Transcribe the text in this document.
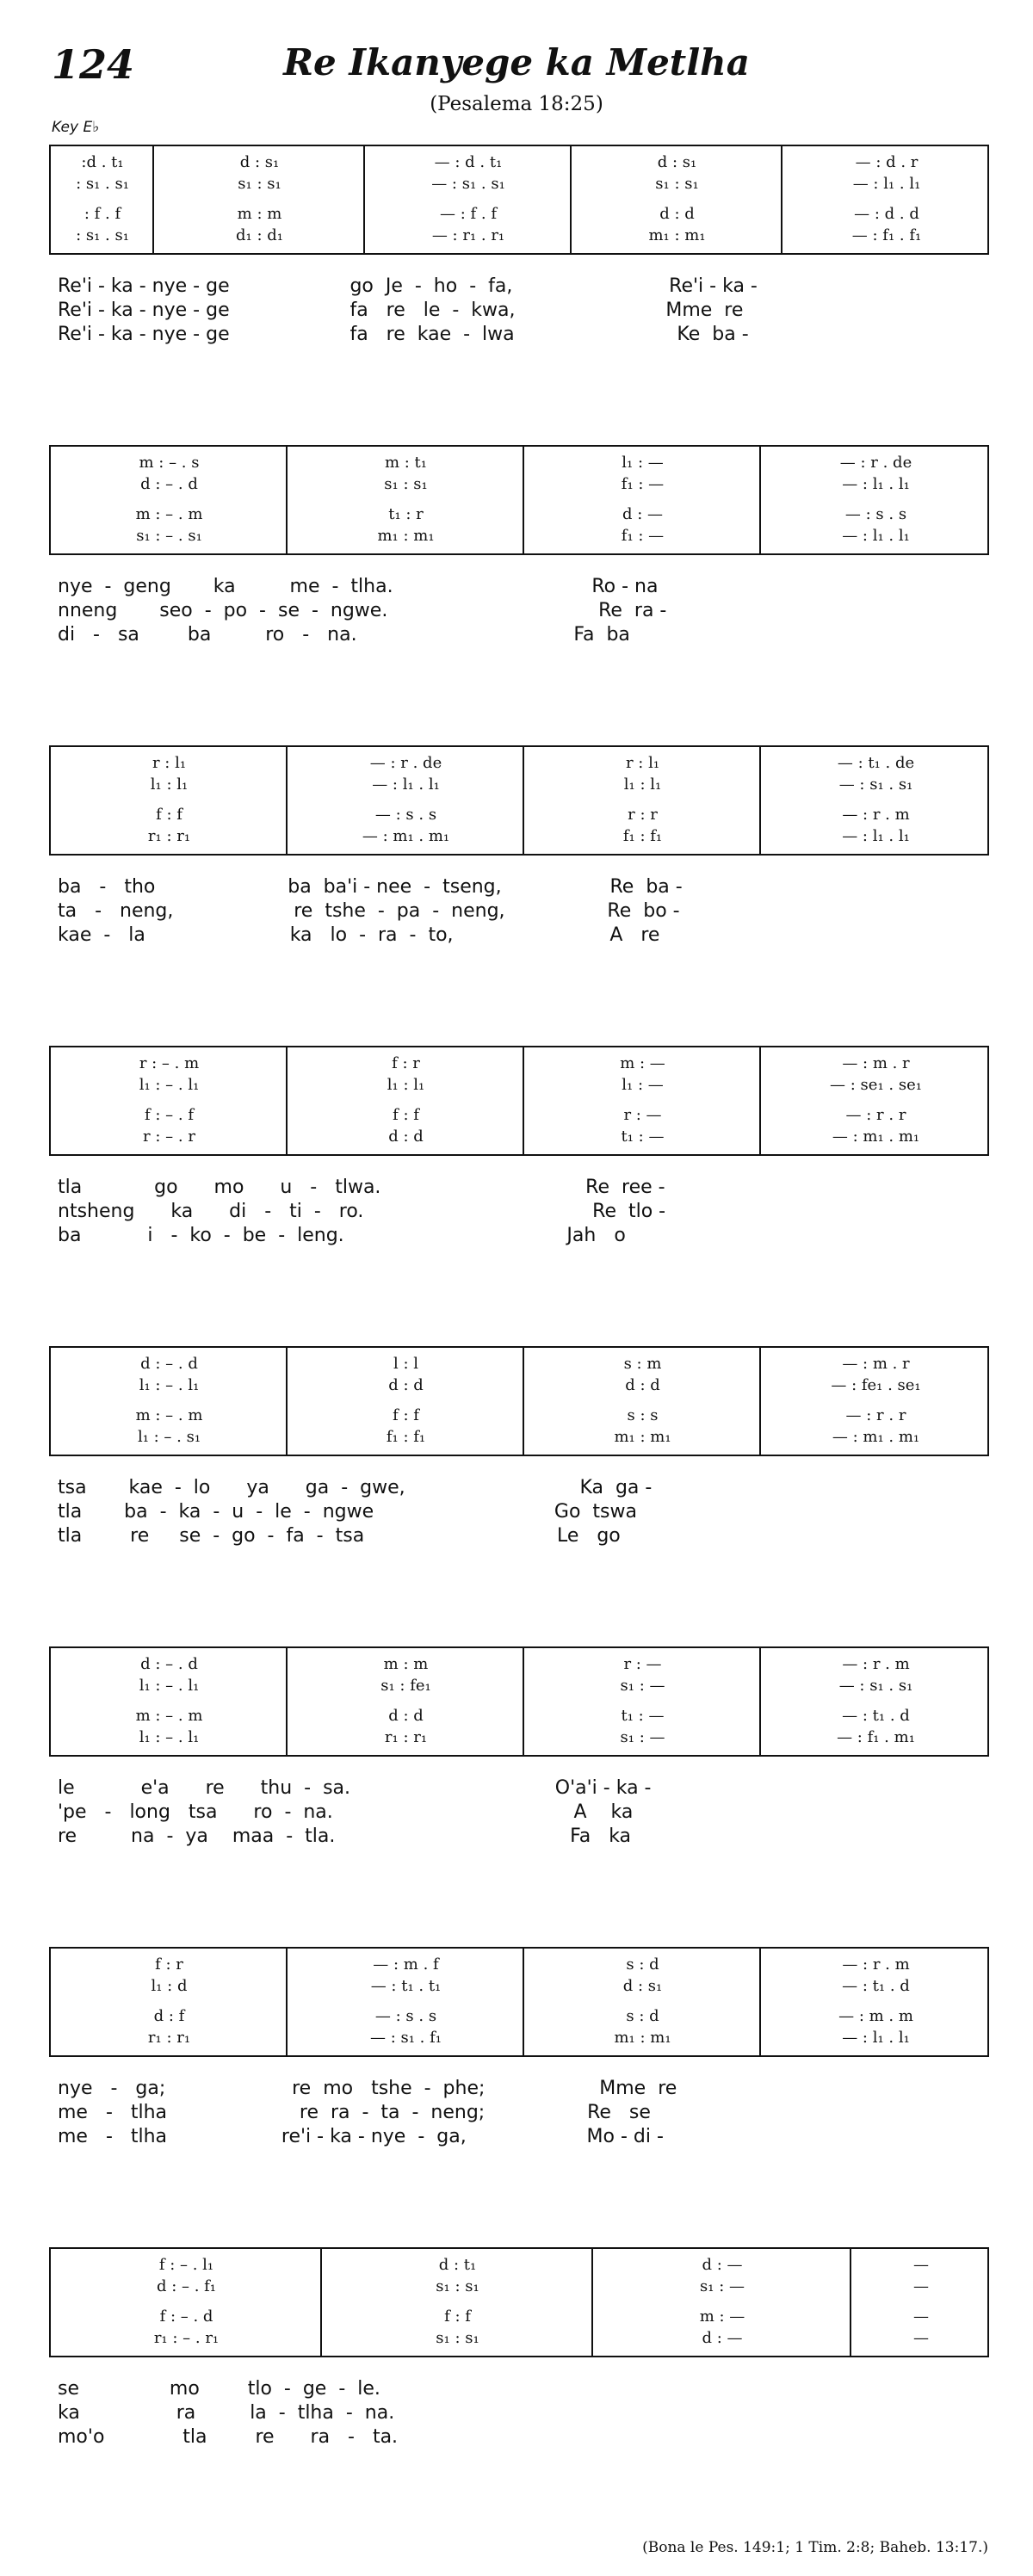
124	Re Ikanyege ka Metlha
(Pesalema 18:25)
Key E♭
:d . t₁
: s₁ . s₁
: f . f
: s₁ . s₁
d : s₁
s₁ : s₁
m : m
d₁ : d₁
— : d . t₁
— : s₁ . s₁
— : f . f
— : r₁ . r₁
d : s₁
s₁ : s₁
d : d
m₁ : m₁
— : d . r
— : l₁ . l₁
— : d . d
— : f₁ . f₁
Re'i - ka - nye - ge                    go  Je  -  ho  -  fa,                          Re'i - ka -
Re'i - ka - nye - ge                    fa   re   le  -  kwa,                         Mme  re
Re'i - ka - nye - ge                    fa   re  kae  -  lwa                           Ke  ba -
m : – . s
d : – . d
m : – . m
s₁ : – . s₁
m : t₁
s₁ : s₁
t₁ : r
m₁ : m₁
l₁ : —
f₁ : —
d : —
f₁ : —
— : r . de
— : l₁ . l₁
— : s . s
— : l₁ . l₁
nye  -  geng       ka         me  -  tlha.                                 Ro - na
nneng       seo  -  po  -  se  -  ngwe.                                   Re  ra -
di   -   sa        ba         ro   -   na.                                    Fa  ba
r : l₁
l₁ : l₁
f : f
r₁ : r₁
— : r . de
— : l₁ . l₁
— : s . s
— : m₁ . m₁
r : l₁
l₁ : l₁
r : r
f₁ : f₁
— : t₁ . de
— : s₁ . s₁
— : r . m
— : l₁ . l₁
ba   -   tho                      ba  ba'i - nee  -  tseng,                  Re  ba -
ta   -   neng,                    re  tshe  -  pa  -  neng,                 Re  bo -
kae  -   la                        ka   lo  -  ra  -  to,                          A   re
r : – . m
l₁ : – . l₁
f : – . f
r : – . r
f : r
l₁ : l₁
f : f
d : d
m : —
l₁ : —
r : —
t₁ : —
— : m . r
— : se₁ . se₁
— : r . r
— : m₁ . m₁
tla            go      mo      u   -   tlwa.                                  Re  ree -
ntsheng      ka      di   -   ti  -   ro.                                      Re  tlo -
ba           i   -  ko  -  be  -  leng.                                     Jah   o
d : – . d
l₁ : – . l₁
m : – . m
l₁ : – . s₁
l : l
d : d
f : f
f₁ : f₁
s : m
d : d
s : s
m₁ : m₁
— : m . r
— : fe₁ . se₁
— : r . r
— : m₁ . m₁
tsa       kae  -  lo      ya      ga  -  gwe,                             Ka  ga -
tla       ba  -  ka  -  u  -  le  -  ngwe                              Go  tswa
tla        re     se  -  go  -  fa  -  tsa                                Le   go
d : – . d
l₁ : – . l₁
m : – . m
l₁ : – . l₁
m : m
s₁ : fe₁
d : d
r₁ : r₁
r : —
s₁ : —
t₁ : —
s₁ : —
— : r . m
— : s₁ . s₁
— : t₁ . d
— : f₁ . m₁
le           e'a      re      thu  -  sa.                                  O'a'i - ka -
'pe   -   long   tsa      ro  -  na.                                        A    ka
re         na  -  ya    maa  -  tla.                                       Fa   ka
f : r
l₁ : d
d : f
r₁ : r₁
— : m . f
— : t₁ . t₁
— : s . s
— : s₁ . f₁
s : d
d : s₁
s : d
m₁ : m₁
— : r . m
— : t₁ . d
— : m . m
— : l₁ . l₁
nye   -   ga;                     re  mo   tshe  -  phe;                   Mme  re
me   -   tlha                      re  ra  -  ta  -  neng;                 Re   se
me   -   tlha                   re'i - ka - nye  -  ga,                    Mo - di -
f : – . l₁
d : – . f₁
f : – . d
r₁ : – . r₁
d : t₁
s₁ : s₁
f : f
s₁ : s₁
d : —
s₁ : —
m : —
d : —
—
—
—
—
se               mo        tlo  -  ge  -  le.
ka                ra         la  -  tlha  -  na.
mo'o             tla        re      ra   -   ta.
(Bona le Pes. 149:1; 1 Tim. 2:8; Baheb. 13:17.)
